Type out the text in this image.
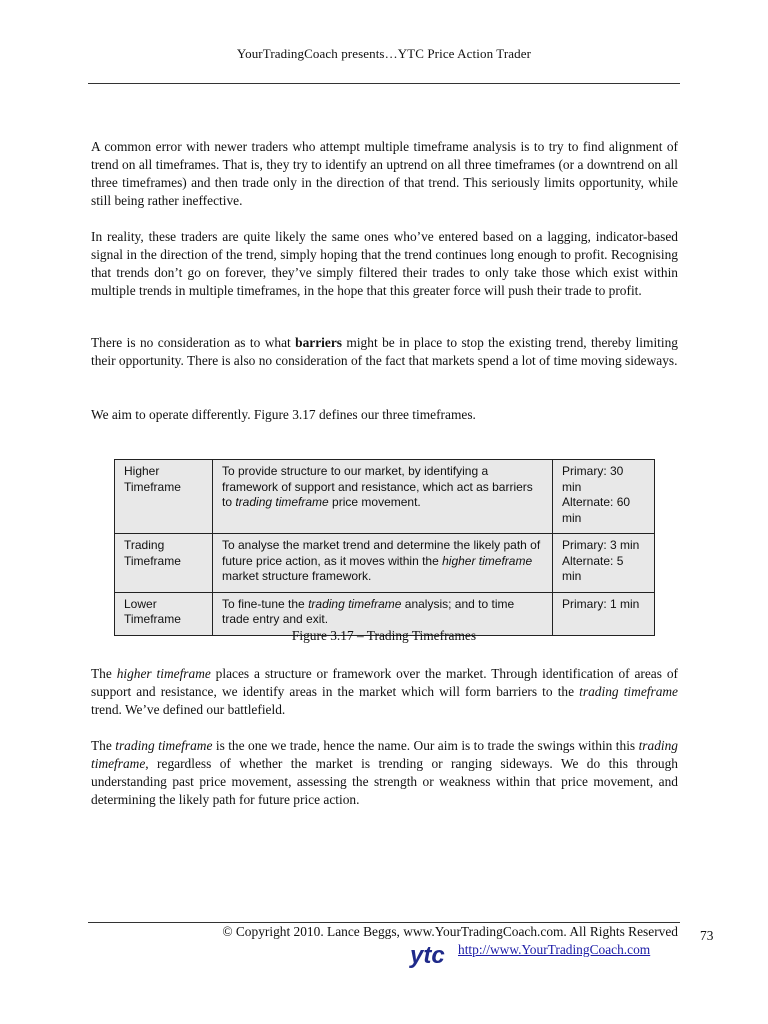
YourTradingCoach presents…YTC Price Action Trader

A common error with newer traders who attempt multiple timeframe analysis is to try to find alignment of trend on all timeframes. That is, they try to identify an uptrend on all three timeframes (or a downtrend on all three timeframes) and then trade only in the direction of that trend. This seriously limits opportunity, while still being rather ineffective.

In reality, these traders are quite likely the same ones who’ve entered based on a lagging, indicator-based signal in the direction of the trend, simply hoping that the trend continues long enough to profit. Recognising that trends don’t go on forever, they’ve simply filtered their trades to only take those which exist within multiple trends in multiple timeframes, in the hope that this greater force will push their trade to profit.

There is no consideration as to what barriers might be in place to stop the existing trend, thereby limiting their opportunity. There is also no consideration of the fact that markets spend a lot of time moving sideways.

We aim to operate differently. Figure 3.17 defines our three timeframes.

Higher
Timeframe	To provide structure to our market, by identifying a framework of support and resistance, which act as barriers to trading timeframe price movement.	Primary: 30 min
Alternate: 60 min
Trading
Timeframe	To analyse the market trend and determine the likely path of future price action, as it moves within the higher timeframe market structure framework.	Primary: 3 min
Alternate: 5 min
Lower
Timeframe	To fine-tune the trading timeframe analysis; and to time trade entry and exit.	Primary: 1 min
Figure 3.17 – Trading Timeframes

The higher timeframe places a structure or framework over the market. Through identification of areas of support and resistance, we identify areas in the market which will form barriers to the trading timeframe trend. We’ve defined our battlefield.

The trading timeframe is the one we trade, hence the name. Our aim is to trade the swings within this trading timeframe, regardless of whether the market is trending or ranging sideways. We do this through understanding past price movement, assessing the strength or weakness within that price movement, and determining the likely path for future price action.

© Copyright 2010. Lance Beggs, www.YourTradingCoach.com. All Rights Reserved 73
ytc http://www.YourTradingCoach.com
